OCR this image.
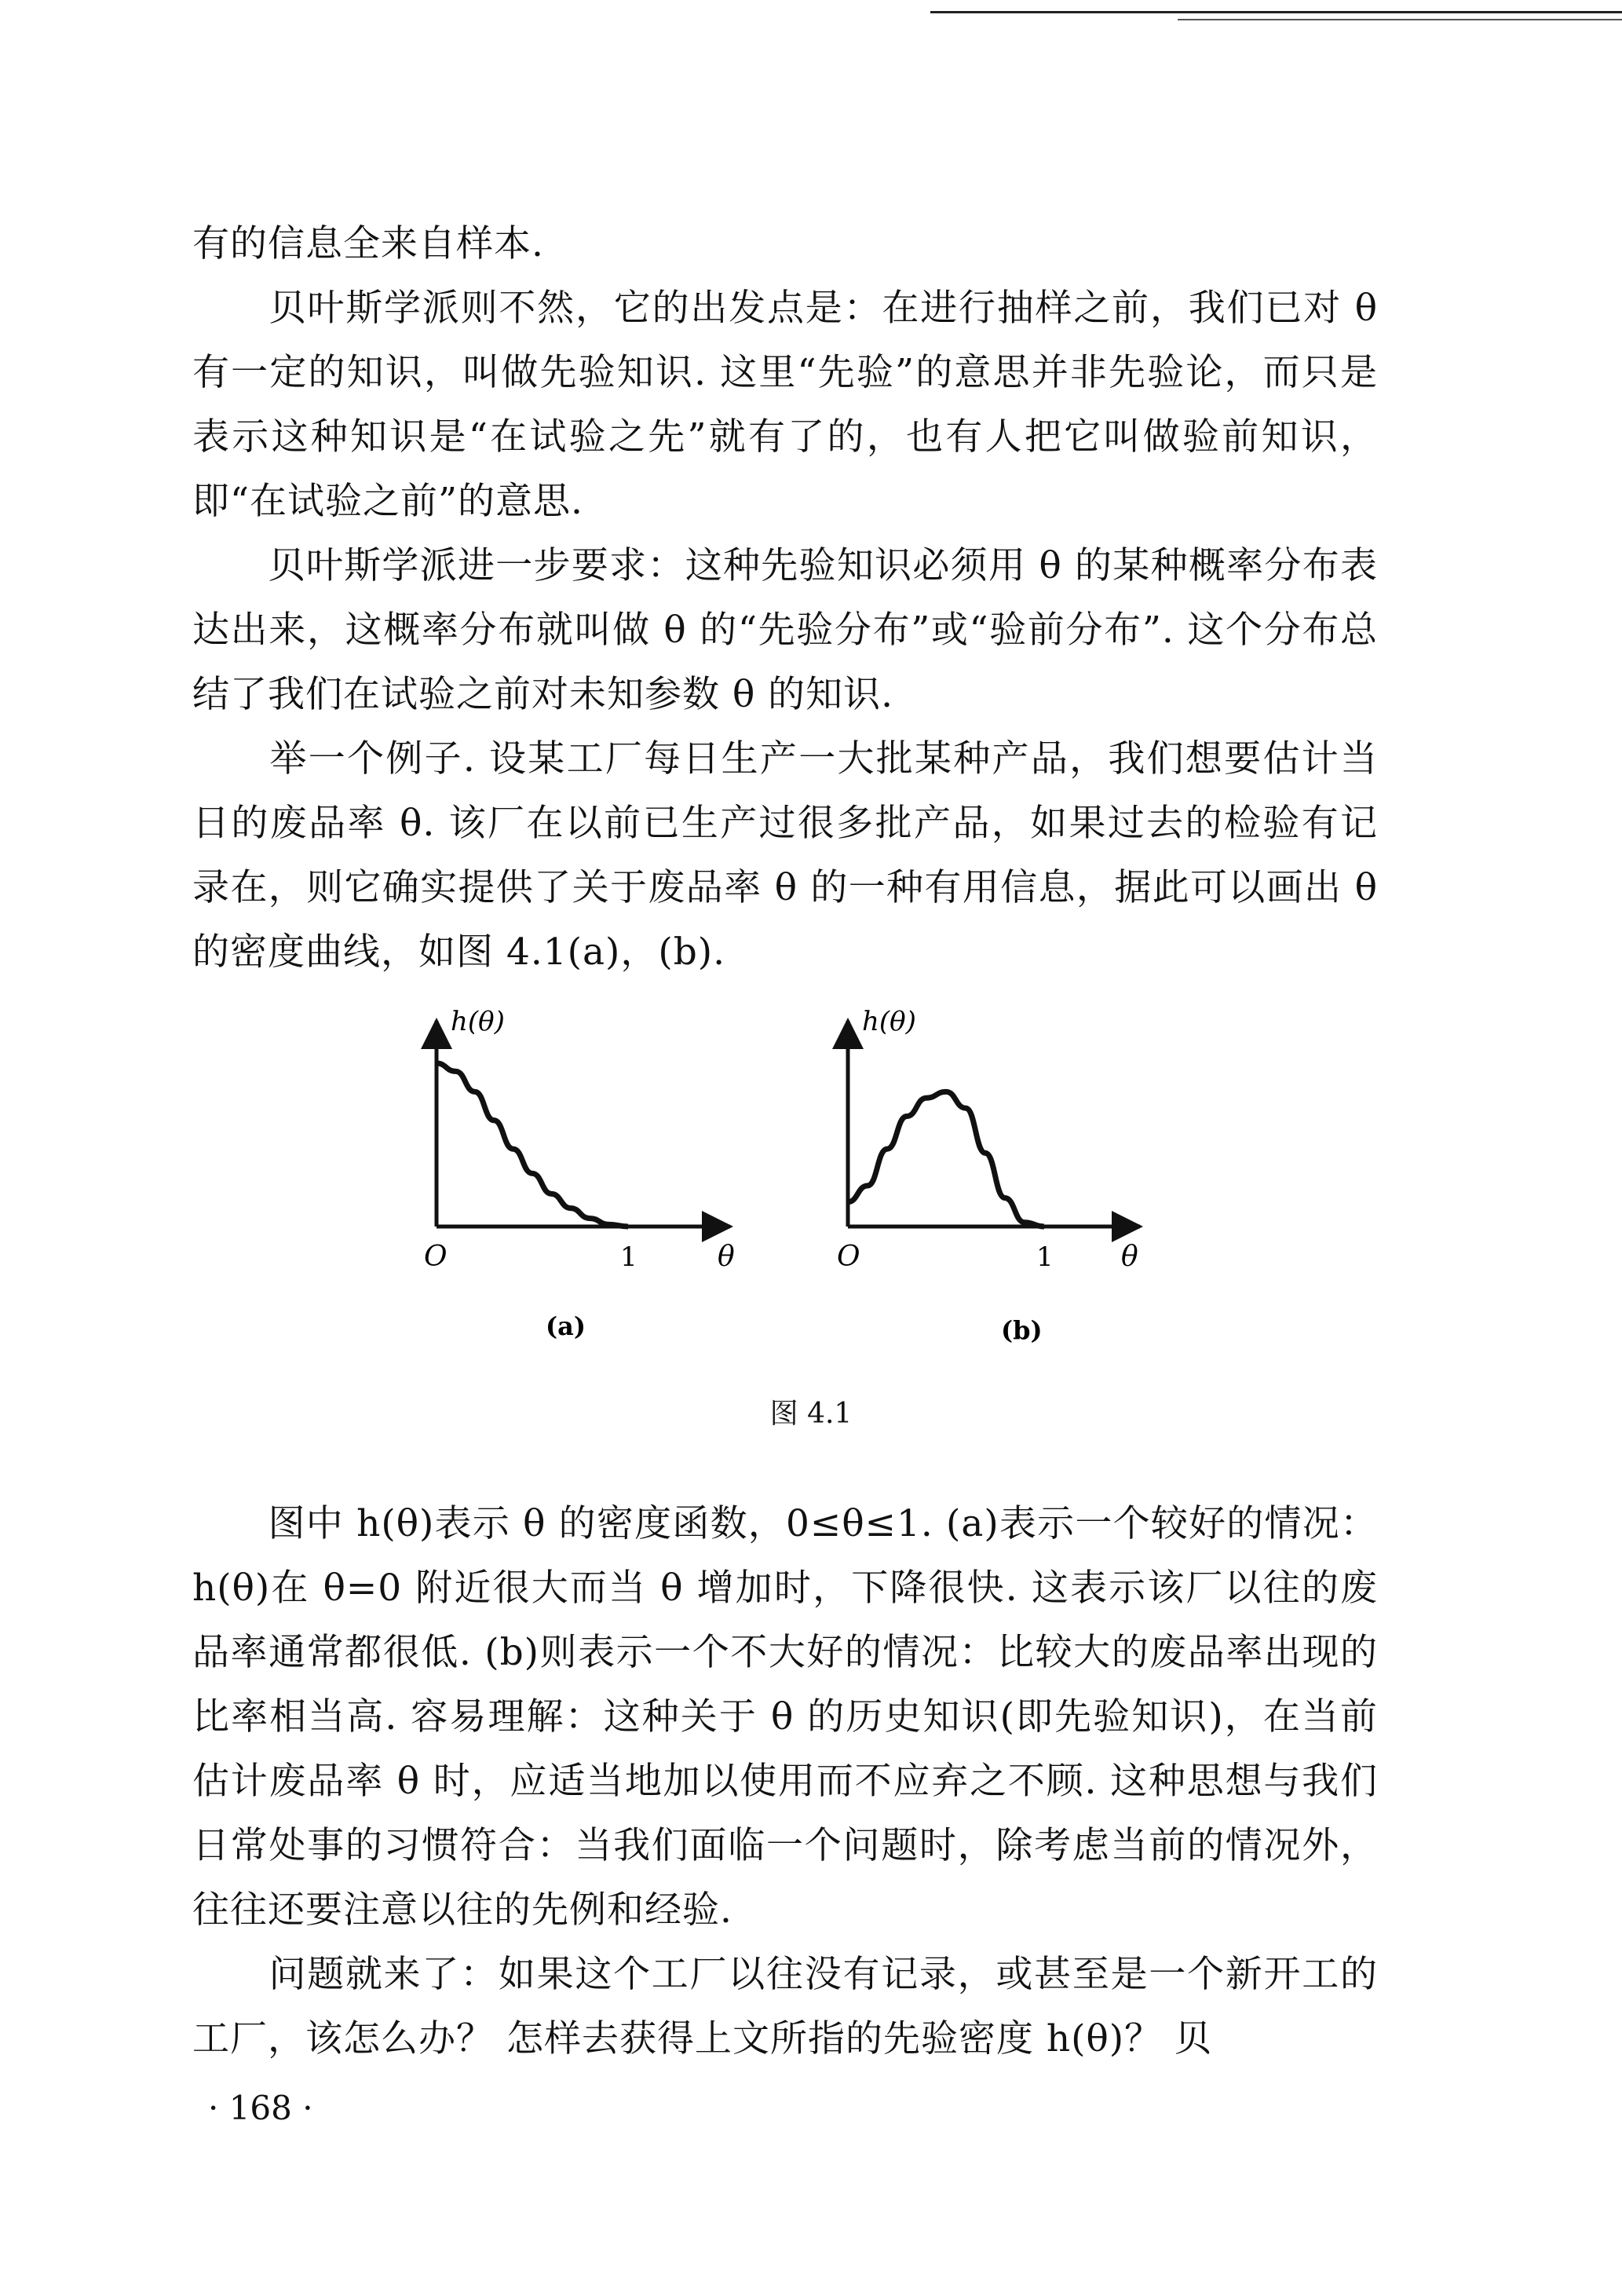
有的信息全来自样本.

　　贝叶斯学派则不然，它的出发点是：在进行抽样之前，我们已对 θ 有一定的知识，叫做先验知识. 这里“先验”的意思并非先验论，而只是表示这种知识是“在试验之先”就有了的，也有人把它叫做验前知识，即“在试验之前”的意思.

　　贝叶斯学派进一步要求：这种先验知识必须用 θ 的某种概率分布表达出来，这概率分布就叫做 θ 的“先验分布”或“验前分布”. 这个分布总结了我们在试验之前对未知参数 θ 的知识.

　　举一个例子. 设某工厂每日生产一大批某种产品，我们想要估计当日的废品率 θ. 该厂在以前已生产过很多批产品，如果过去的检验有记录在，则它确实提供了关于废品率 θ 的一种有用信息，据此可以画出 θ 的密度曲线，如图 4.1(a)，(b).

h(θ)
O	1	θ
(a)
h(θ)
O	1 θ
(b)
图 4.1

　　图中 h(θ)表示 θ 的密度函数，0≤θ≤1. (a)表示一个较好的情况：h(θ)在 θ=0 附近很大而当 θ 增加时，下降很快. 这表示该厂以往的废品率通常都很低. (b)则表示一个不大好的情况：比较大的废品率出现的比率相当高. 容易理解：这种关于 θ 的历史知识(即先验知识)，在当前估计废品率 θ 时，应适当地加以使用而不应弃之不顾. 这种思想与我们日常处事的习惯符合：当我们面临一个问题时，除考虑当前的情况外，往往还要注意以往的先例和经验.

　　问题就来了：如果这个工厂以往没有记录，或甚至是一个新开工的工厂，该怎么办？ 怎样去获得上文所指的先验密度 h(θ)？ 贝

· 168 ·
